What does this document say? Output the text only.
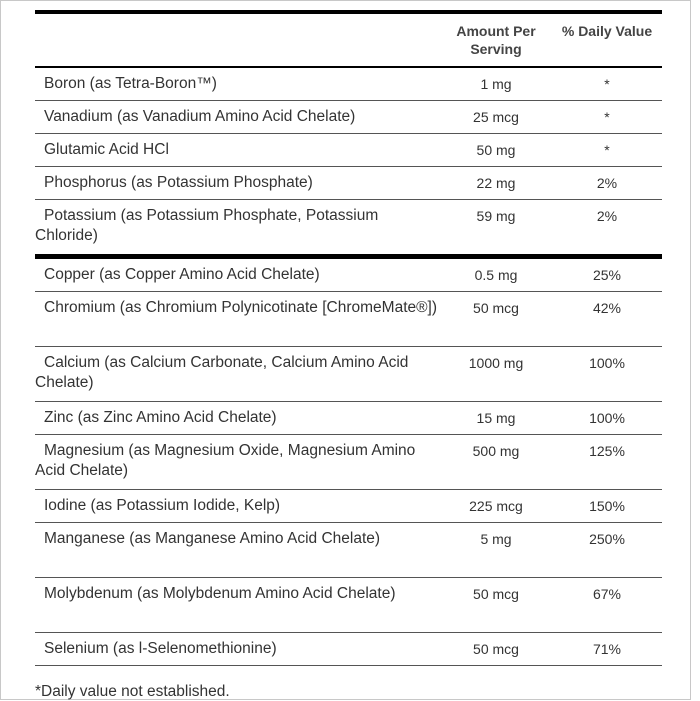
	Amount Per Serving	% Daily Value
Boron (as Tetra-Boron™)	1 mg	*
Vanadium (as Vanadium Amino Acid Chelate)	25 mcg	*
Glutamic Acid HCl	50 mg	*
Phosphorus (as Potassium Phosphate)	22 mg	2%
Potassium (as Potassium Phosphate, Potassium Chloride)	59 mg	2%
Copper (as Copper Amino Acid Chelate)	0.5 mg	25%
Chromium (as Chromium Polynicotinate [ChromeMate®])	50 mcg	42%
Calcium (as Calcium Carbonate, Calcium Amino Acid Chelate)	1000 mg	100%
Zinc (as Zinc Amino Acid Chelate)	15 mg	100%
Magnesium (as Magnesium Oxide, Magnesium Amino Acid Chelate)	500 mg	125%
Iodine (as Potassium Iodide, Kelp)	225 mcg	150%
Manganese (as Manganese Amino Acid Chelate)	5 mg	250%
Molybdenum (as Molybdenum Amino Acid Chelate)	50 mcg	67%
Selenium (as l-Selenomethionine)	50 mcg	71%
*Daily value not established.
